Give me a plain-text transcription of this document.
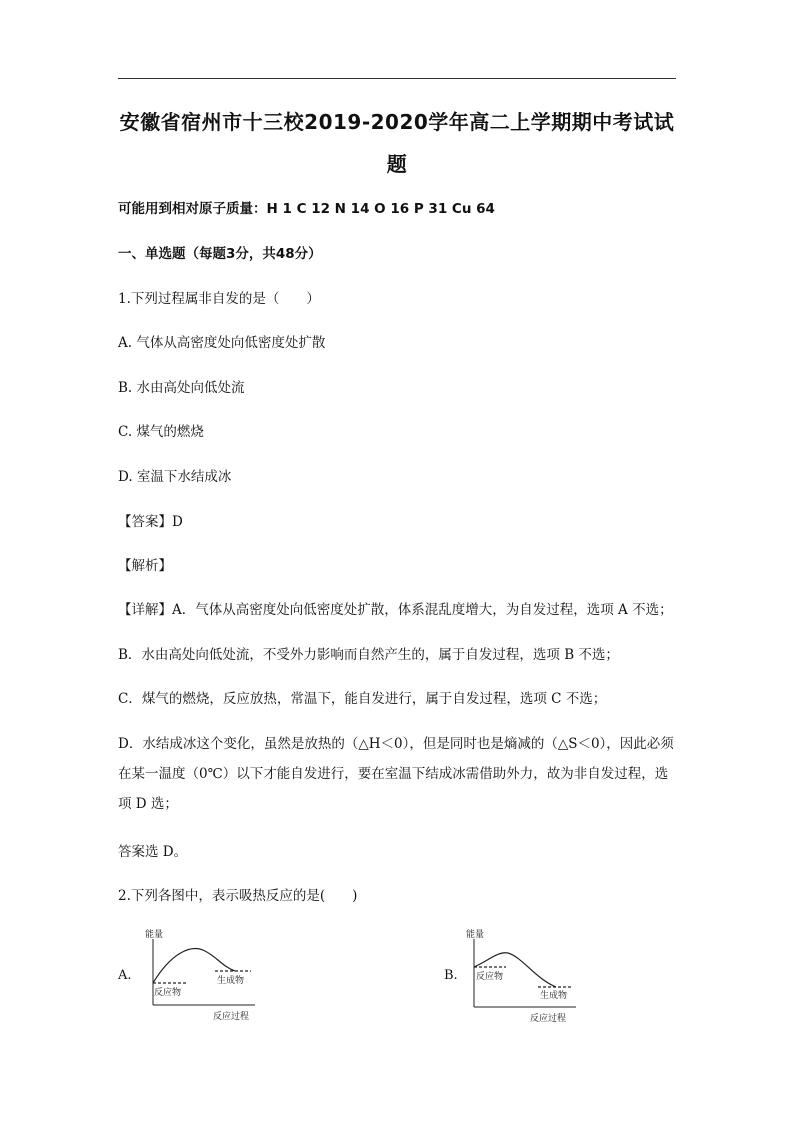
安徽省宿州市十三校2019-2020学年高二上学期期中考试试
题
可能用到相对原子质量：H 1 C 12 N 14 O 16 P 31 Cu 64
一、单选题（每题3分，共48分）
1.下列过程属非自发的是（　　）
A. 气体从高密度处向低密度处扩散
B. 水由高处向低处流
C. 煤气的燃烧
D. 室温下水结成冰
【答案】D
【解析】
【详解】A．气体从高密度处向低密度处扩散，体系混乱度增大，为自发过程，选项 A 不选；
B．水由高处向低处流，不受外力影响而自然产生的，属于自发过程，选项 B 不选；
C．煤气的燃烧，反应放热，常温下，能自发进行，属于自发过程，选项 C 不选；
D．水结成冰这个变化，虽然是放热的（△H＜0），但是同时也是熵减的（△S＜0），因此必须在某一温度（0℃）以下才能自发进行，要在室温下结成冰需借助外力，故为非自发过程，选项 D 选；
答案选 D。
2.下列各图中，表示吸热反应的是(　　)
A.
能量
反应过程
反应物
生成物	B.
能量
反应过程
反应物
生成物
